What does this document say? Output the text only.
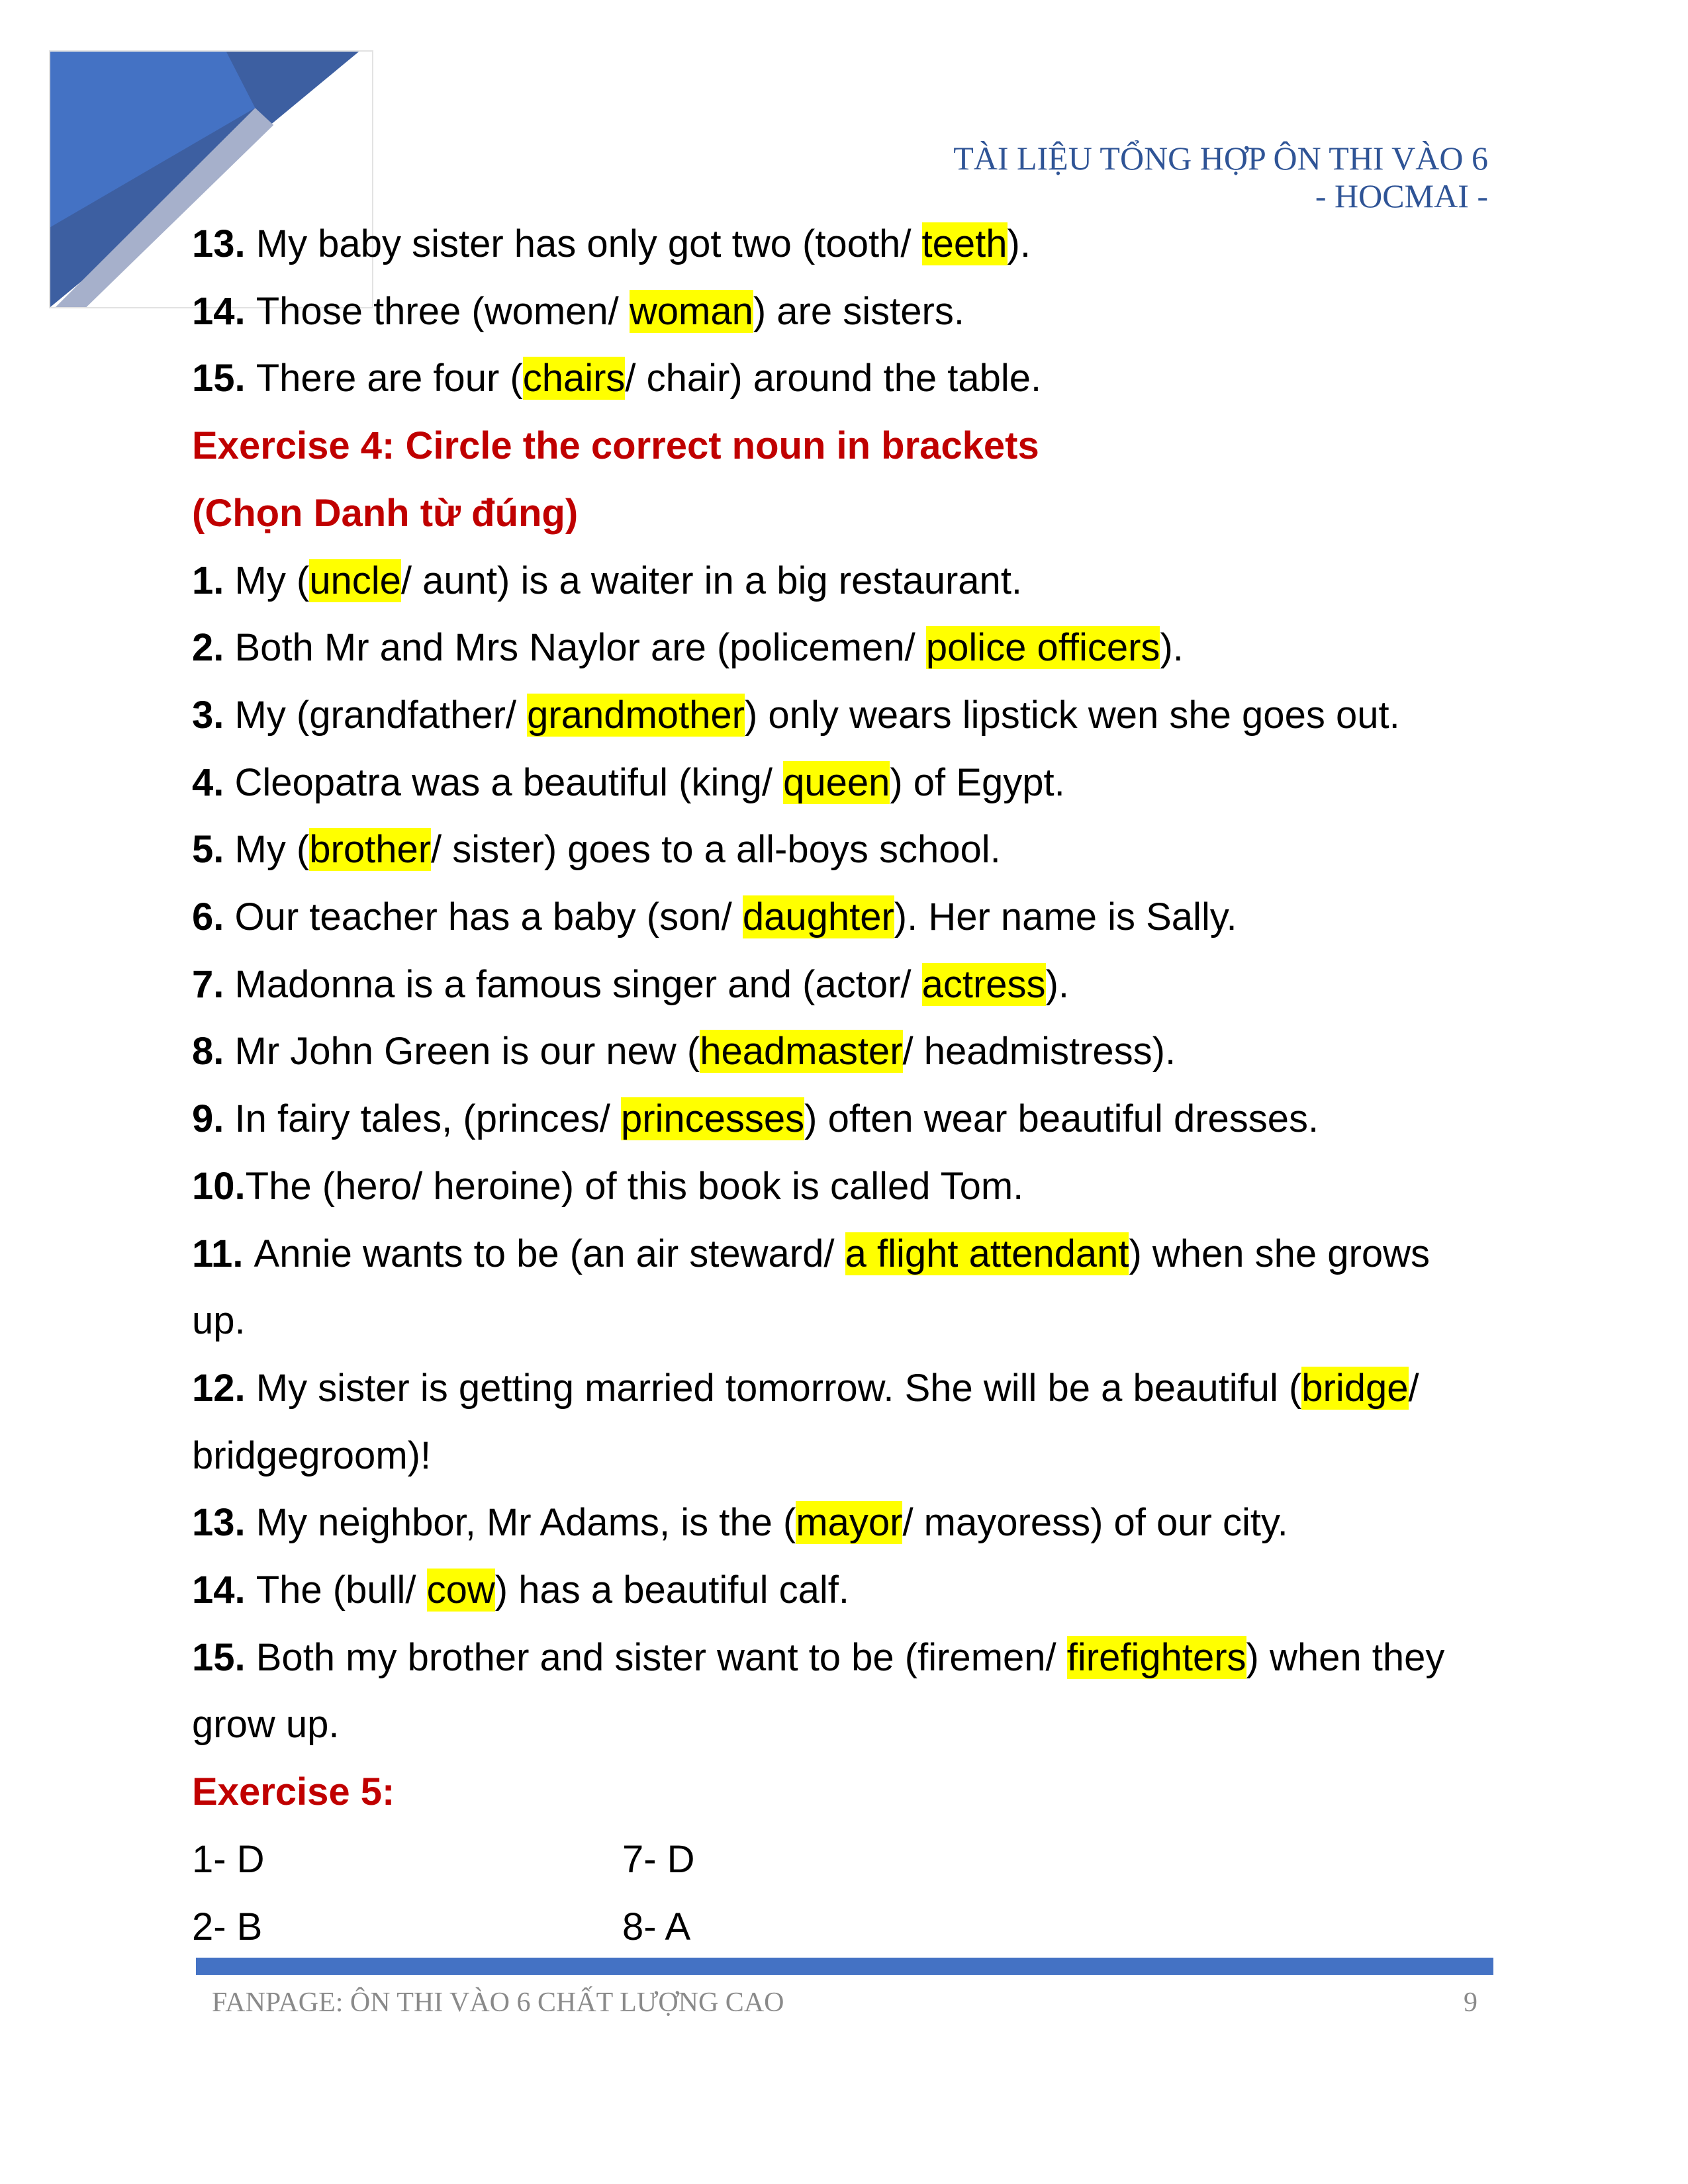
TÀI LIỆU TỔNG HỢP ÔN THI VÀO 6
- HOCMAI -
13. My baby sister has only got two (tooth/ teeth).
14. Those three (women/ woman) are sisters.
15. There are four (chairs/ chair) around the table.
Exercise 4: Circle the correct noun in brackets
(Chọn Danh từ đúng)
1. My (uncle/ aunt) is a waiter in a big restaurant.
2. Both Mr and Mrs Naylor are (policemen/ police officers).
3. My (grandfather/ grandmother) only wears lipstick wen she goes out.
4. Cleopatra was a beautiful (king/ queen) of Egypt.
5. My (brother/ sister) goes to a all-boys school.
6. Our teacher has a baby (son/ daughter). Her name is Sally.
7. Madonna is a famous singer and (actor/ actress).
8. Mr John Green is our new (headmaster/ headmistress).
9. In fairy tales, (princes/ princesses) often wear beautiful dresses.
10.The (hero/ heroine) of this book is called Tom.
11. Annie wants to be (an air steward/ a flight attendant) when she grows
up.
12. My sister is getting married tomorrow. She will be a beautiful (bridge/
bridgegroom)!
13. My neighbor, Mr Adams, is the (mayor/ mayoress) of our city.
14. The (bull/ cow) has a beautiful calf.
15. Both my brother and sister want to be (firemen/ firefighters) when they
grow up.
Exercise 5:
1- D	7- D
2- B	8- A
FANPAGE: ÔN THI VÀO 6 CHẤT LƯỢNG CAO	9
